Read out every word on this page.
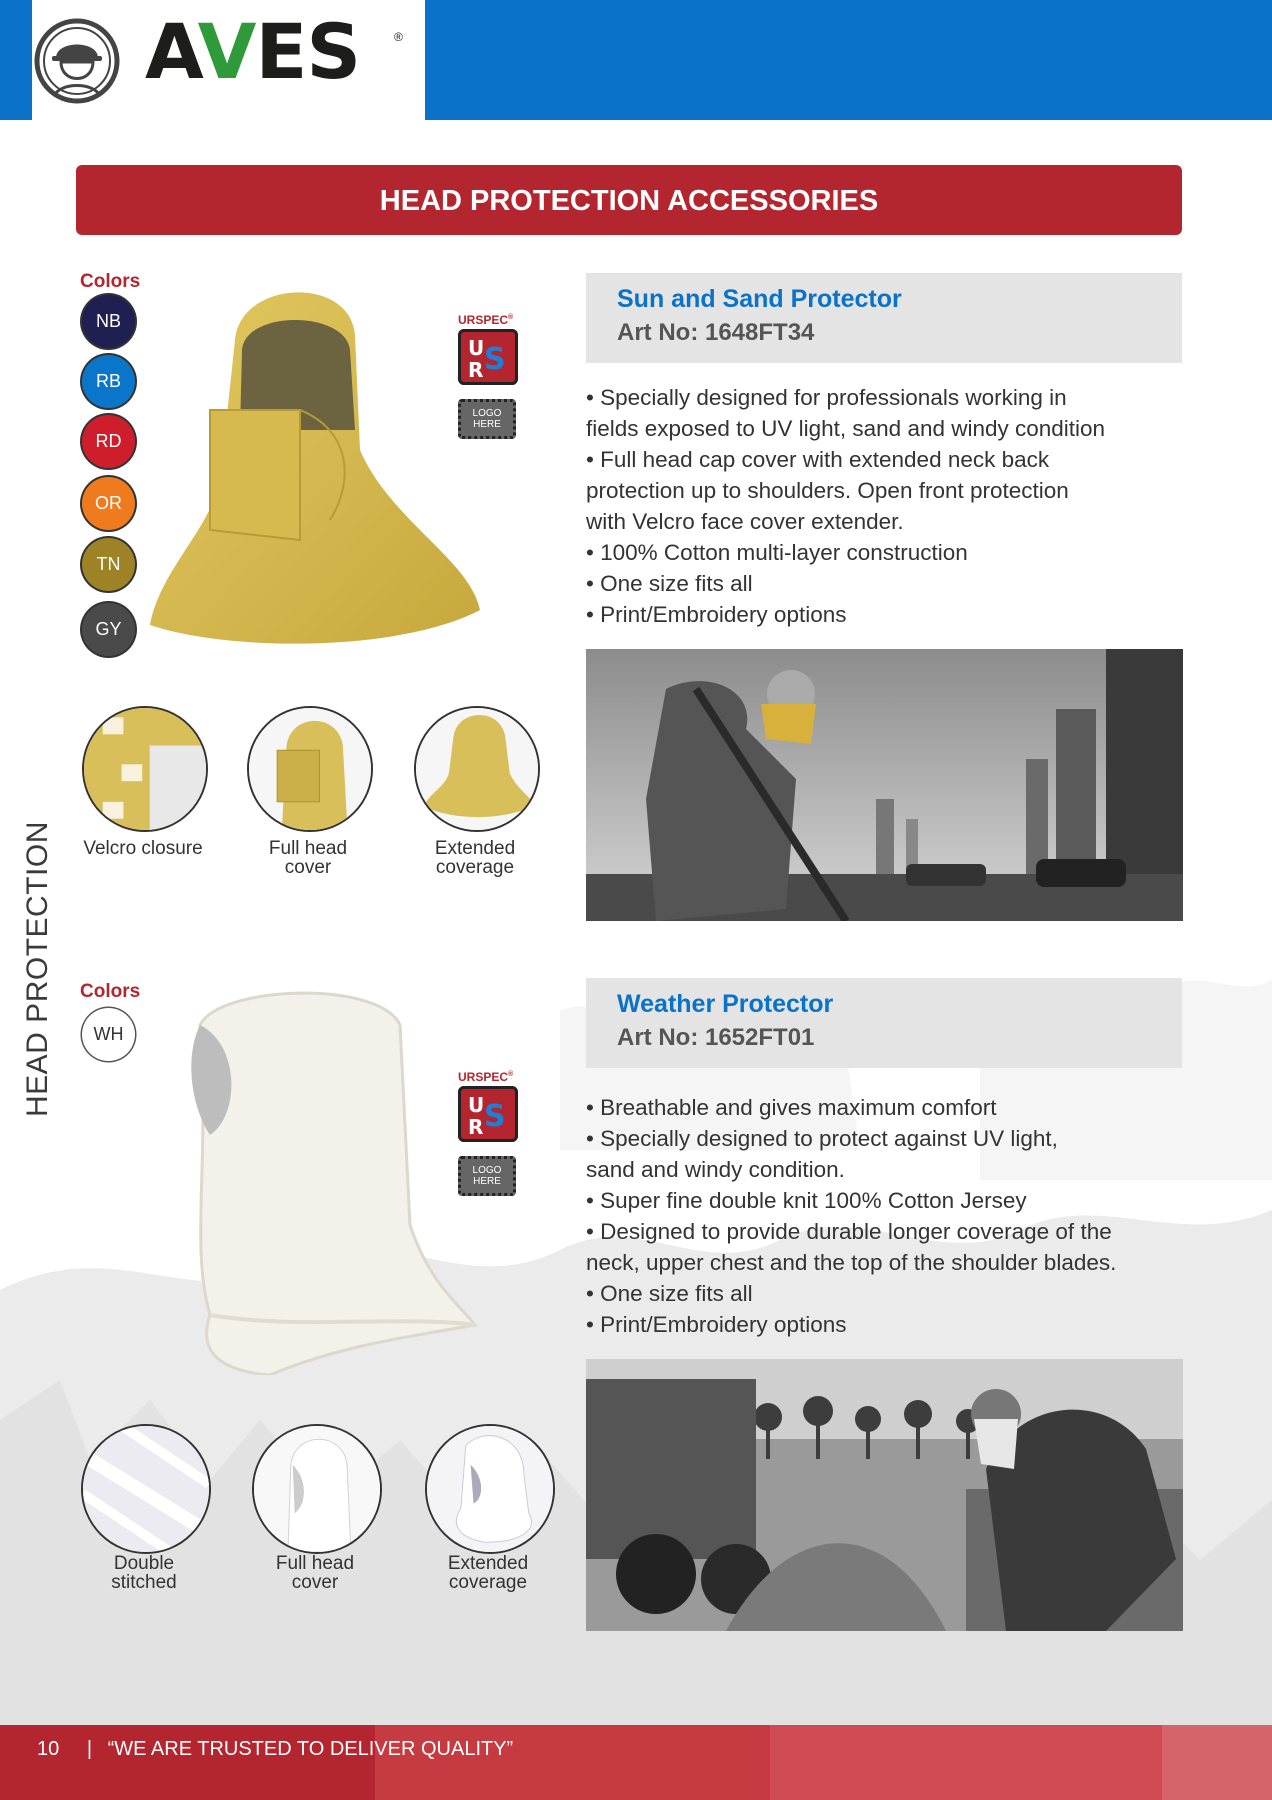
AVES	®
HEAD PROTECTION ACCESSORIES
HEAD PROTECTION
Colors
NB
RB
RD
OR
TN
GY
URSPEC®
U
R S
LOGO HERE
Sun and Sand Protector
Art No: 1648FT34
• Specially designed for professionals working in
fields exposed to UV light, sand and windy condition
• Full head cap cover with extended neck back
protection up to shoulders. Open front protection
with Velcro face cover extender.
• 100% Cotton multi-layer construction
• One size fits all
• Print/Embroidery options
Velcro closure	Full head
cover
Extended
coverage
Colors
WH
URSPEC®
U
R S
LOGO HERE
Weather Protector
Art No: 1652FT01
• Breathable and gives maximum comfort
• Specially designed to protect against UV light,
sand and windy condition.
• Super fine double knit 100% Cotton Jersey
• Designed to provide durable longer coverage of the
neck, upper chest and the top of the shoulder blades.
• One size fits all
• Print/Embroidery options
Double
stitched
Full head
cover
Extended
coverage
10 | “WE ARE TRUSTED TO DELIVER QUALITY”
